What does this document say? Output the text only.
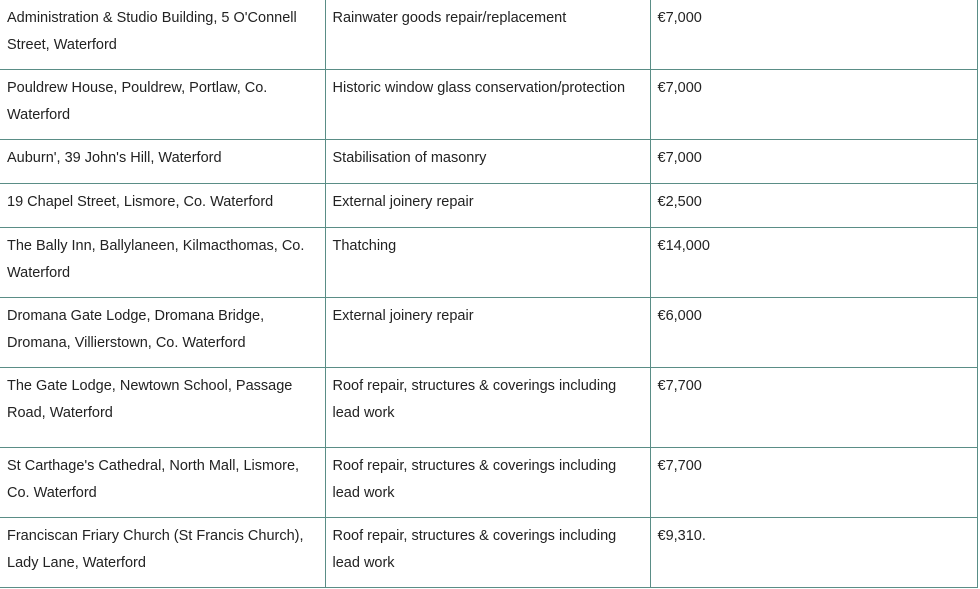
Administration & Studio Building, 5 O'Connell Street, Waterford	Rainwater goods repair/replacement	€7,000
Pouldrew House, Pouldrew, Portlaw, Co. Waterford	Historic window glass conservation/protection	€7,000
Auburn', 39 John's Hill, Waterford	Stabilisation of masonry	€7,000
19 Chapel Street, Lismore, Co. Waterford	External joinery repair	€2,500
The Bally Inn, Ballylaneen, Kilmacthomas, Co. Waterford	Thatching	€14,000
Dromana Gate Lodge, Dromana Bridge, Dromana, Villierstown, Co. Waterford	External joinery repair	€6,000
The Gate Lodge, Newtown School, Passage Road, Waterford	Roof repair, structures & coverings including lead work	€7,700
St Carthage's Cathedral, North Mall, Lismore, Co. Waterford	Roof repair, structures & coverings including lead work	€7,700
Franciscan Friary Church (St Francis Church), Lady Lane, Waterford	Roof repair, structures & coverings including lead work	€9,310.
